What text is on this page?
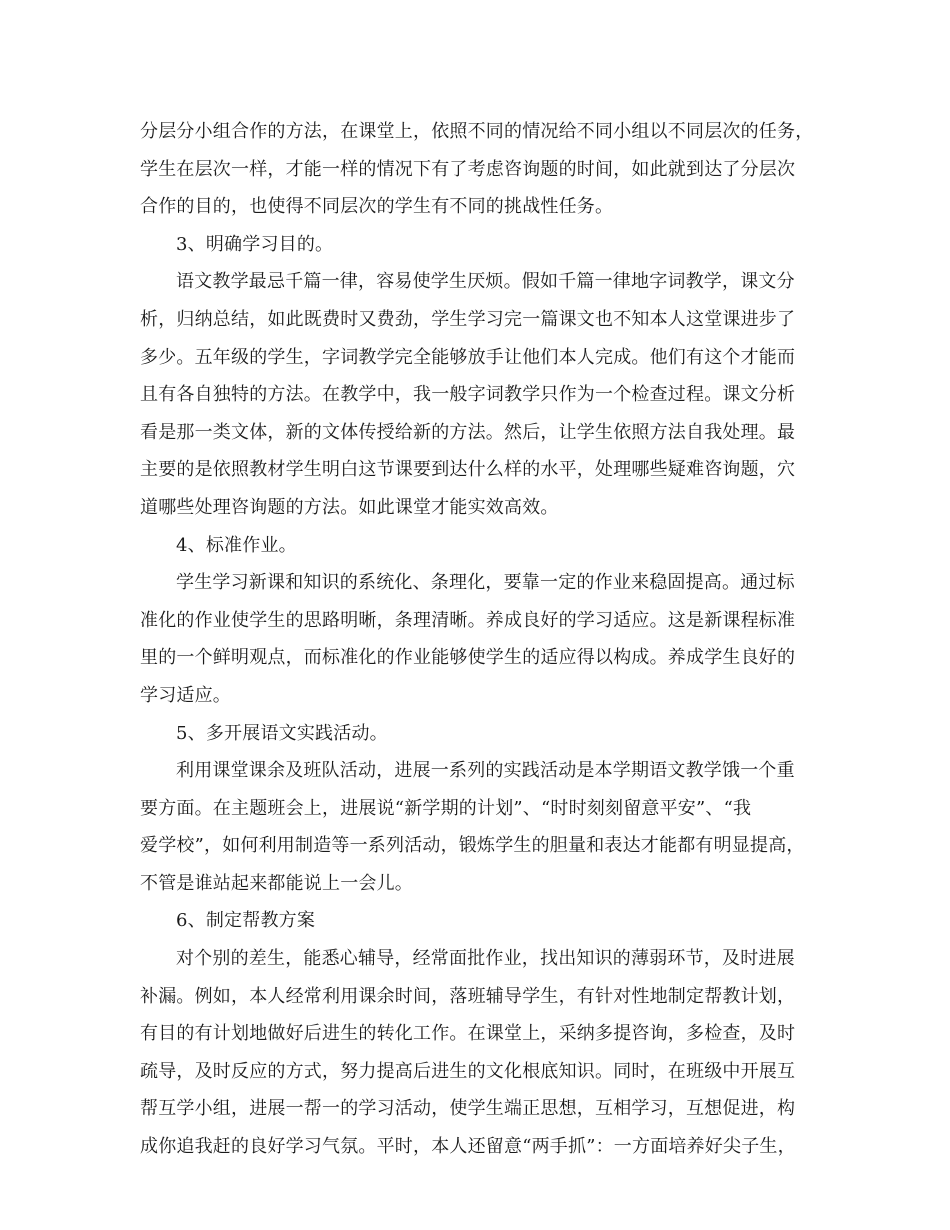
分层分小组合作的方法，在课堂上，依照不同的情况给不同小组以不同层次的任务，
学生在层次一样，才能一样的情况下有了考虑咨询题的时间，如此就到达了分层次
合作的目的，也使得不同层次的学生有不同的挑战性任务。
3、明确学习目的。
语文教学最忌千篇一律，容易使学生厌烦。假如千篇一律地字词教学，课文分
析，归纳总结，如此既费时又费劲，学生学习完一篇课文也不知本人这堂课进步了
多少。五年级的学生，字词教学完全能够放手让他们本人完成。他们有这个才能而
且有各自独特的方法。在教学中，我一般字词教学只作为一个检查过程。课文分析
看是那一类文体，新的文体传授给新的方法。然后，让学生依照方法自我处理。最
主要的是依照教材学生明白这节课要到达什么样的水平，处理哪些疑难咨询题，穴
道哪些处理咨询题的方法。如此课堂才能实效高效。
4、标准作业。
学生学习新课和知识的系统化、条理化，要靠一定的作业来稳固提高。通过标
准化的作业使学生的思路明晰，条理清晰。养成良好的学习适应。这是新课程标准
里的一个鲜明观点，而标准化的作业能够使学生的适应得以构成。养成学生良好的
学习适应。
5、多开展语文实践活动。
利用课堂课余及班队活动，进展一系列的实践活动是本学期语文教学饿一个重
要方面。在主题班会上，进展说“新学期的计划”、“时时刻刻留意平安”、“我
爱学校”，如何利用制造等一系列活动，锻炼学生的胆量和表达才能都有明显提高，
不管是谁站起来都能说上一会儿。
6、制定帮教方案
对个别的差生，能悉心辅导，经常面批作业，找出知识的薄弱环节，及时进展
补漏。例如，本人经常利用课余时间，落班辅导学生，有针对性地制定帮教计划，
有目的有计划地做好后进生的转化工作。在课堂上，采纳多提咨询，多检查，及时
疏导，及时反应的方式，努力提高后进生的文化根底知识。同时，在班级中开展互
帮互学小组，进展一帮一的学习活动，使学生端正思想，互相学习，互想促进，构
成你追我赶的良好学习气氛。平时，本人还留意“两手抓”：一方面培养好尖子生，
